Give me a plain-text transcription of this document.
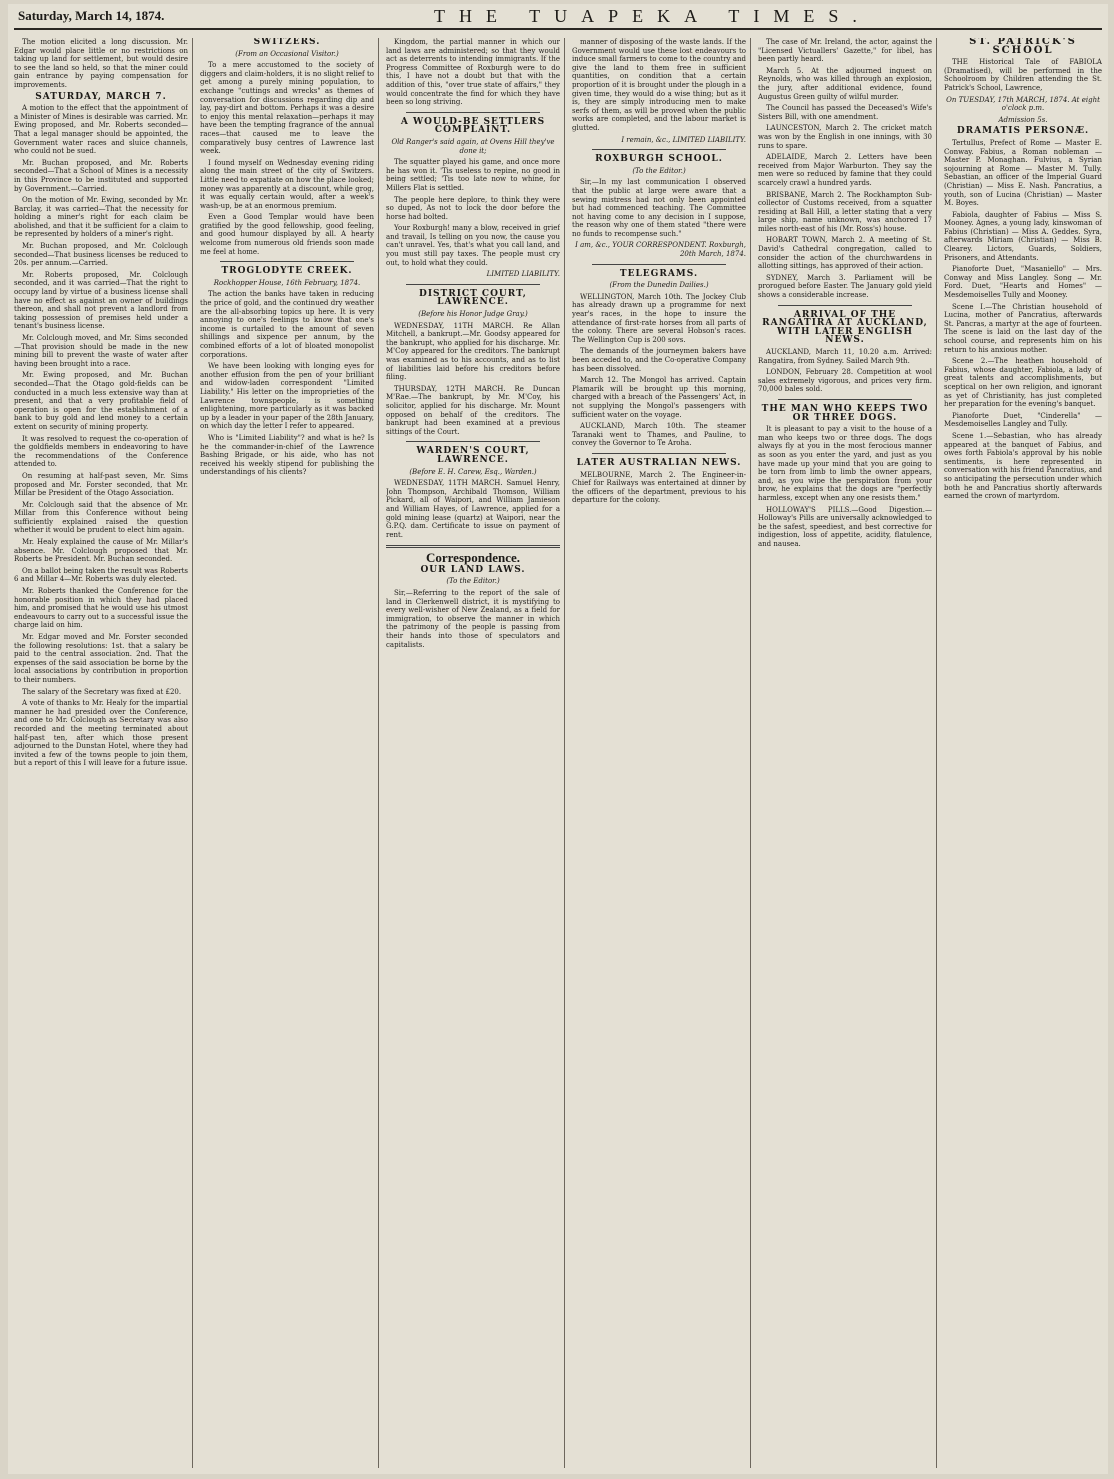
Saturday, March 14, 1874.	THE TUAPEKA TIMES.

The motion elicited a long discussion. Mr. Edgar would place little or no restrictions on taking up land for settlement, but would desire to see the land so held, so that the miner could gain entrance by paying compensation for improvements.

SATURDAY, MARCH 7.

A motion to the effect that the appointment of a Minister of Mines is desirable was carried. Mr. Ewing proposed, and Mr. Roberts seconded—That a legal manager should be appointed, the Government water races and sluice channels, who could not be sued.

Mr. Buchan proposed, and Mr. Roberts seconded—That a School of Mines is a necessity in this Province to be instituted and supported by Government.—Carried.

On the motion of Mr. Ewing, seconded by Mr. Barclay, it was carried—That the necessity for holding a miner's right for each claim be abolished, and that it be sufficient for a claim to be represented by holders of a miner's right.

Mr. Buchan proposed, and Mr. Colclough seconded—That business licenses be reduced to 20s. per annum.—Carried.

Mr. Roberts proposed, Mr. Colclough seconded, and it was carried—That the right to occupy land by virtue of a business license shall have no effect as against an owner of buildings thereon, and shall not prevent a landlord from taking possession of premises held under a tenant's business license.

Mr. Colclough moved, and Mr. Sims seconded—That provision should be made in the new mining bill to prevent the waste of water after having been brought into a race.

Mr. Ewing proposed, and Mr. Buchan seconded—That the Otago gold-fields can be conducted in a much less extensive way than at present, and that a very profitable field of operation is open for the establishment of a bank to buy gold and lend money to a certain extent on security of mining property.

It was resolved to request the co-operation of the goldfields members in endeavoring to have the recommendations of the Conference attended to.

On resuming at half-past seven, Mr. Sims proposed and Mr. Forster seconded, that Mr. Millar be President of the Otago Association.

Mr. Colclough said that the absence of Mr. Millar from this Conference without being sufficiently explained raised the question whether it would be prudent to elect him again.

Mr. Healy explained the cause of Mr. Millar's absence. Mr. Colclough proposed that Mr. Roberts be President. Mr. Buchan seconded.

On a ballot being taken the result was Roberts 6 and Millar 4—Mr. Roberts was duly elected.

Mr. Roberts thanked the Conference for the honorable position in which they had placed him, and promised that he would use his utmost endeavours to carry out to a successful issue the charge laid on him.

Mr. Edgar moved and Mr. Forster seconded the following resolutions: 1st. that a salary be paid to the central association. 2nd. That the expenses of the said association be borne by the local associations by contribution in proportion to their numbers.

The salary of the Secretary was fixed at £20.

A vote of thanks to Mr. Healy for the impartial manner he had presided over the Conference, and one to Mr. Colclough as Secretary was also recorded and the meeting terminated about half-past ten, after which those present adjourned to the Dunstan Hotel, where they had invited a few of the towns people to join them, but a report of this I will leave for a future issue.

SWITZERS.

(From an Occasional Visitor.)

To a mere accustomed to the society of diggers and claim-holders, it is no slight relief to get among a purely mining population, to exchange "cuttings and wrecks" as themes of conversation for discussions regarding dip and lay, pay-dirt and bottom. Perhaps it was a desire to enjoy this mental relaxation—perhaps it may have been the tempting fragrance of the annual races—that caused me to leave the comparatively busy centres of Lawrence last week.

I found myself on Wednesday evening riding along the main street of the city of Switzers. Little need to expatiate on how the place looked; money was apparently at a discount, while grog, it was equally certain would, after a week's wash-up, be at an enormous premium.

Even a Good Templar would have been gratified by the good fellowship, good feeling, and good humour displayed by all. A hearty welcome from numerous old friends soon made me feel at home.

TROGLODYTE CREEK.

Rockhopper House, 16th February, 1874.

The action the banks have taken in reducing the price of gold, and the continued dry weather are the all-absorbing topics up here. It is very annoying to one's feelings to know that one's income is curtailed to the amount of seven shillings and sixpence per annum, by the combined efforts of a lot of bloated monopolist corporations.

We have been looking with longing eyes for another effusion from the pen of your brilliant and widow-laden correspondent "Limited Liability." His letter on the improprieties of the Lawrence townspeople, is something enlightening, more particularly as it was backed up by a leader in your paper of the 28th January, on which day the letter I refer to appeared.

Who is "Limited Liability"? and what is he? Is he the commander-in-chief of the Lawrence Bashing Brigade, or his aide, who has not received his weekly stipend for publishing the understandings of his clients?

Kingdom, the partial manner in which our land laws are administered; so that they would act as deterrents to intending immigrants. If the Progress Committee of Roxburgh were to do this, I have not a doubt but that with the addition of this, "over true state of affairs," they would concentrate the find for which they have been so long striving.

A WOULD-BE SETTLERS COMPLAINT.

Old Ranger's said again, at Ovens Hill they've done it;

The squatter played his game, and once more he has won it. 'Tis useless to repine, no good in being settled; 'Tis too late now to whine, for Millers Flat is settled.

The people here deplore, to think they were so duped, As not to lock the door before the horse had bolted.

Your Roxburgh! many a blow, received in grief and travail, Is telling on you now, the cause you can't unravel. Yes, that's what you call land, and you must still pay taxes. The people must cry out, to hold what they could.

LIMITED LIABILITY.

DISTRICT COURT, LAWRENCE.

(Before his Honor Judge Gray.)

WEDNESDAY, 11TH MARCH. Re Allan Mitchell, a bankrupt.—Mr. Goodsy appeared for the bankrupt, who applied for his discharge. Mr. M'Coy appeared for the creditors. The bankrupt was examined as to his accounts, and as to list of liabilities laid before his creditors before filing.

THURSDAY, 12TH MARCH. Re Duncan M'Rae.—The bankrupt, by Mr. M'Coy, his solicitor, applied for his discharge. Mr. Mount opposed on behalf of the creditors. The bankrupt had been examined at a previous sittings of the Court.

WARDEN'S COURT, LAWRENCE.

(Before E. H. Carew, Esq., Warden.)

WEDNESDAY, 11TH MARCH. Samuel Henry, John Thompson, Archibald Thomson, William Pickard, all of Waipori, and William Jamieson and William Hayes, of Lawrence, applied for a gold mining lease (quartz) at Waipori, near the G.P.Q. dam. Certificate to issue on payment of rent.

Correspondence.

OUR LAND LAWS.

(To the Editor.)

Sir,—Referring to the report of the sale of land in Clerkenwell district, it is mystifying to every well-wisher of New Zealand, as a field for immigration, to observe the manner in which the patrimony of the people is passing from their hands into those of speculators and capitalists.

manner of disposing of the waste lands. If the Government would use these lost endeavours to induce small farmers to come to the country and give the land to them free in sufficient quantities, on condition that a certain proportion of it is brought under the plough in a given time, they would do a wise thing; but as it is, they are simply introducing men to make serfs of them, as will be proved when the public works are completed, and the labour market is glutted.

I remain, &c., LIMITED LIABILITY.

ROXBURGH SCHOOL.

(To the Editor.)

Sir,—In my last communication I observed that the public at large were aware that a sewing mistress had not only been appointed but had commenced teaching. The Committee not having come to any decision in I suppose, the reason why one of them stated "there were no funds to recompense such."

I am, &c., YOUR CORRESPONDENT. Roxburgh, 20th March, 1874.

TELEGRAMS.

(From the Dunedin Dailies.)

WELLINGTON, March 10th. The Jockey Club has already drawn up a programme for next year's races, in the hope to insure the attendance of first-rate horses from all parts of the colony. There are several Hobson's races. The Wellington Cup is 200 sovs.

The demands of the journeymen bakers have been acceded to, and the Co-operative Company has been dissolved.

March 12. The Mongol has arrived. Captain Plamarik will be brought up this morning, charged with a breach of the Passengers' Act, in not supplying the Mongol's passengers with sufficient water on the voyage.

AUCKLAND, March 10th. The steamer Taranaki went to Thames, and Pauline, to convey the Governor to Te Aroha.

LATER AUSTRALIAN NEWS.

MELBOURNE, March 2. The Engineer-in-Chief for Railways was entertained at dinner by the officers of the department, previous to his departure for the colony.

The case of Mr. Ireland, the actor, against the "Licensed Victuallers' Gazette," for libel, has been partly heard.

March 5. At the adjourned inquest on Reynolds, who was killed through an explosion, the jury, after additional evidence, found Augustus Green guilty of wilful murder.

The Council has passed the Deceased's Wife's Sisters Bill, with one amendment.

LAUNCESTON, March 2. The cricket match was won by the English in one innings, with 30 runs to spare.

ADELAIDE, March 2. Letters have been received from Major Warburton. They say the men were so reduced by famine that they could scarcely crawl a hundred yards.

BRISBANE, March 2. The Rockhampton Sub-collector of Customs received, from a squatter residing at Ball Hill, a letter stating that a very large ship, name unknown, was anchored 17 miles north-east of his (Mr. Ross's) house.

HOBART TOWN, March 2. A meeting of St. David's Cathedral congregation, called to consider the action of the churchwardens in allotting sittings, has approved of their action.

SYDNEY, March 3. Parliament will be prorogued before Easter. The January gold yield shows a considerable increase.

ARRIVAL OF THE RANGATIRA AT AUCKLAND, WITH LATER ENGLISH NEWS.

AUCKLAND, March 11, 10.20 a.m. Arrived: Rangatira, from Sydney. Sailed March 9th.

LONDON, February 28. Competition at wool sales extremely vigorous, and prices very firm. 70,000 bales sold.

THE MAN WHO KEEPS TWO OR THREE DOGS.

It is pleasant to pay a visit to the house of a man who keeps two or three dogs. The dogs always fly at you in the most ferocious manner as soon as you enter the yard, and just as you have made up your mind that you are going to be torn from limb to limb the owner appears, and, as you wipe the perspiration from your brow, he explains that the dogs are "perfectly harmless, except when any one resists them."

HOLLOWAY'S PILLS.—Good Digestion.—Holloway's Pills are universally acknowledged to be the safest, speediest, and best corrective for indigestion, loss of appetite, acidity, flatulence, and nausea.

ST. PATRICK'S SCHOOL

THE Historical Tale of FABIOLA (Dramatised), will be performed in the Schoolroom by Children attending the St. Patrick's School, Lawrence,

On TUESDAY, 17th MARCH, 1874. At eight o'clock p.m.

Admission 5s.

DRAMATIS PERSONÆ.

Tertullus, Prefect of Rome — Master E. Conway. Fabius, a Roman nobleman — Master P. Monaghan. Fulvius, a Syrian sojourning at Rome — Master M. Tully. Sebastian, an officer of the Imperial Guard (Christian) — Miss E. Nash. Pancratius, a youth, son of Lucina (Christian) — Master M. Boyes.

Fabiola, daughter of Fabius — Miss S. Mooney. Agnes, a young lady, kinswoman of Fabius (Christian) — Miss A. Geddes. Syra, afterwards Miriam (Christian) — Miss B. Clearey. Lictors, Guards, Soldiers, Prisoners, and Attendants.

Pianoforte Duet, "Masaniello" — Mrs. Conway and Miss Langley. Song — Mr. Ford. Duet, "Hearts and Homes" — Mesdemoiselles Tully and Mooney.

Scene I.—The Christian household of Lucina, mother of Pancratius, afterwards St. Pancras, a martyr at the age of fourteen. The scene is laid on the last day of the school course, and represents him on his return to his anxious mother.

Scene 2.—The heathen household of Fabius, whose daughter, Fabiola, a lady of great talents and accomplishments, but sceptical on her own religion, and ignorant as yet of Christianity, has just completed her preparation for the evening's banquet.

Pianoforte Duet, "Cinderella" — Mesdemoiselles Langley and Tully.

Scene 1.—Sebastian, who has already appeared at the banquet of Fabius, and owes forth Fabiola's approval by his noble sentiments, is here represented in conversation with his friend Pancratius, and so anticipating the persecution under which both he and Pancratius shortly afterwards earned the crown of martyrdom.
